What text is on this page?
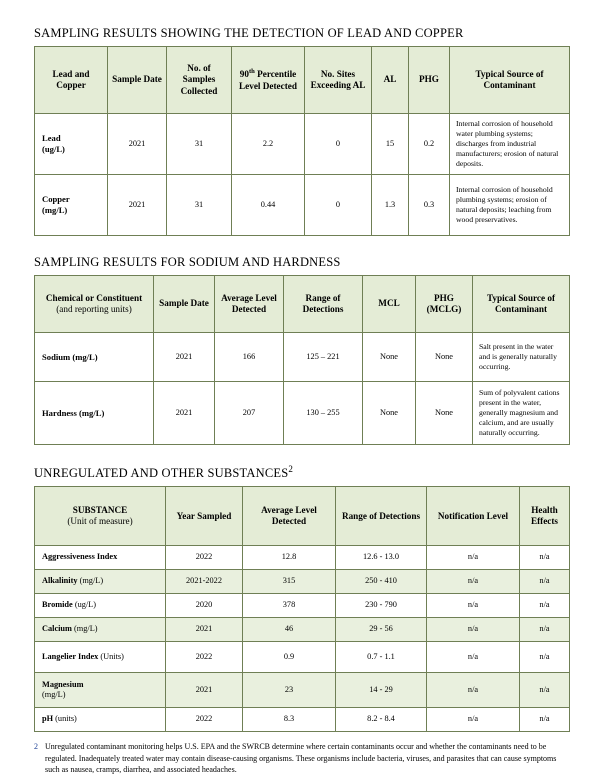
SAMPLING RESULTS SHOWING THE DETECTION OF LEAD AND COPPER
Lead and Copper	Sample Date	No. of Samples Collected	90th Percentile Level Detected	No. Sites Exceeding AL	AL	PHG	Typical Source of Contaminant
Lead
(ug/L)	2021	31	2.2	0	15	0.2	Internal corrosion of household water plumbing systems; discharges from industrial manufacturers; erosion of natural deposits.
Copper
(mg/L)	2021	31	0.44	0	1.3	0.3	Internal corrosion of household plumbing systems; erosion of natural deposits; leaching from wood preservatives.
SAMPLING RESULTS FOR SODIUM AND HARDNESS
Chemical or Constituent (and reporting units)	Sample Date	Average Level Detected	Range of Detections	MCL	PHG (MCLG)	Typical Source of Contaminant
Sodium (mg/L)	2021	166	125 – 221	None	None	Salt present in the water and is generally naturally occurring.
Hardness (mg/L)	2021	207	130 – 255	None	None	Sum of polyvalent cations present in the water, generally magnesium and calcium, and are usually naturally occurring.
UNREGULATED AND OTHER SUBSTANCES$^2$
SUBSTANCE
(Unit of measure)	Year Sampled	Average Level Detected	Range of Detections	Notification Level	Health Effects
Aggressiveness Index	2022	12.8	12.6 - 13.0	n/a	n/a
Alkalinity (mg/L)	2021-2022	315	250 - 410	n/a	n/a
Bromide (ug/L)	2020	378	230 - 790	n/a	n/a
Calcium (mg/L)	2021	46	29 - 56	n/a	n/a
Langelier Index (Units)	2022	0.9	0.7 - 1.1	n/a	n/a
Magnesium
(mg/L)	2021	23	14 - 29	n/a	n/a
pH (units)	2022	8.3	8.2 - 8.4	n/a	n/a
2 Unregulated contaminant monitoring helps U.S. EPA and the SWRCB determine where certain contaminants occur and whether the contaminants need to be regulated. Inadequately treated water may contain disease-causing organisms. These organisms include bacteria, viruses, and parasites that can cause symptoms such as nausea, cramps, diarrhea, and associated headaches.
